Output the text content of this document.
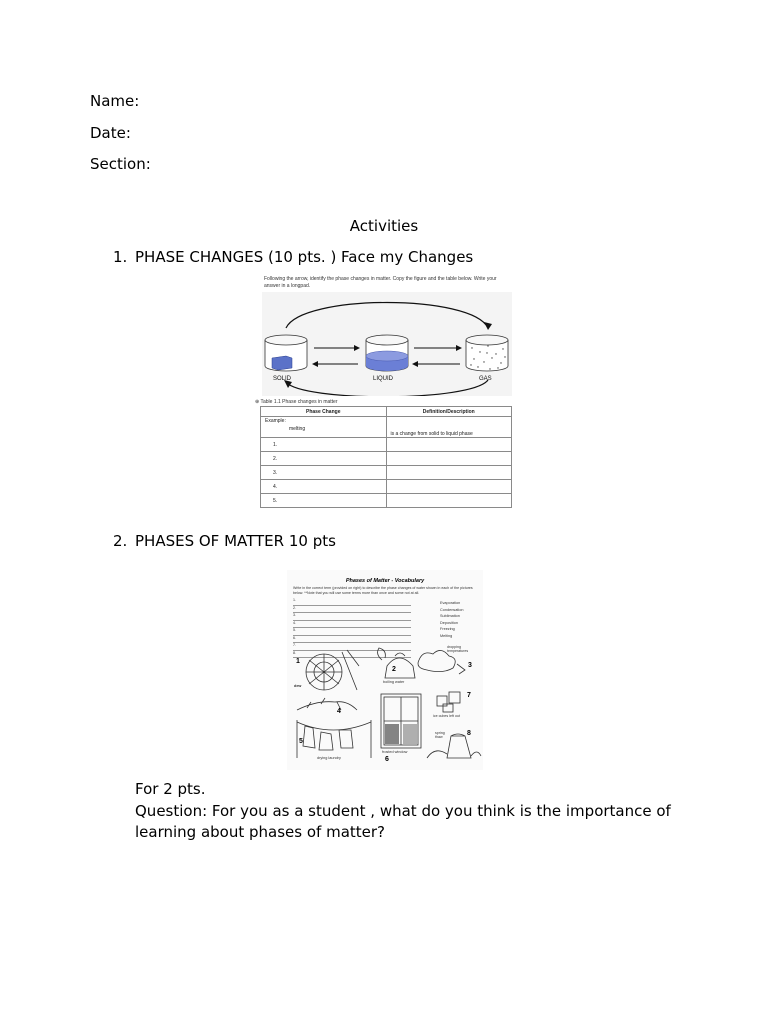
Name:
Date:
Section:
Activities
1. PHASE CHANGES (10 pts. ) Face my Changes
Following the arrow, identify the phase changes in matter. Copy the figure and the table below. Write your answer in a longpad.
SOLID	LIQUID	GAS
⊕ Table 1.1 Phase changes in matter
Phase Change	Definition/Description

Example:
melting	is a change from solid to liquid phase
1.	
2.	
3.	
4.	
5.	
2. PHASES OF MATTER 10 pts
Phases of Matter - Vocabulary
Write in the correct term (provided on right) to describe the phase changes of water shown in each of the pictures below. **Note that you will use some terms more than once and some not at all.
1.
2.
3.
4.
5.
6.
7.
8.
Evaporation
Condensation
Sublimation
Deposition
Freezing
Melting
dew
boiling water
dropping temperatures
ice cubes left out
drying laundry
frosted window
spring thaw
1
2
3
4
5
6
7
8
For 2 pts.
Question: For you as a student , what do you think is the importance of learning about phases of matter?
